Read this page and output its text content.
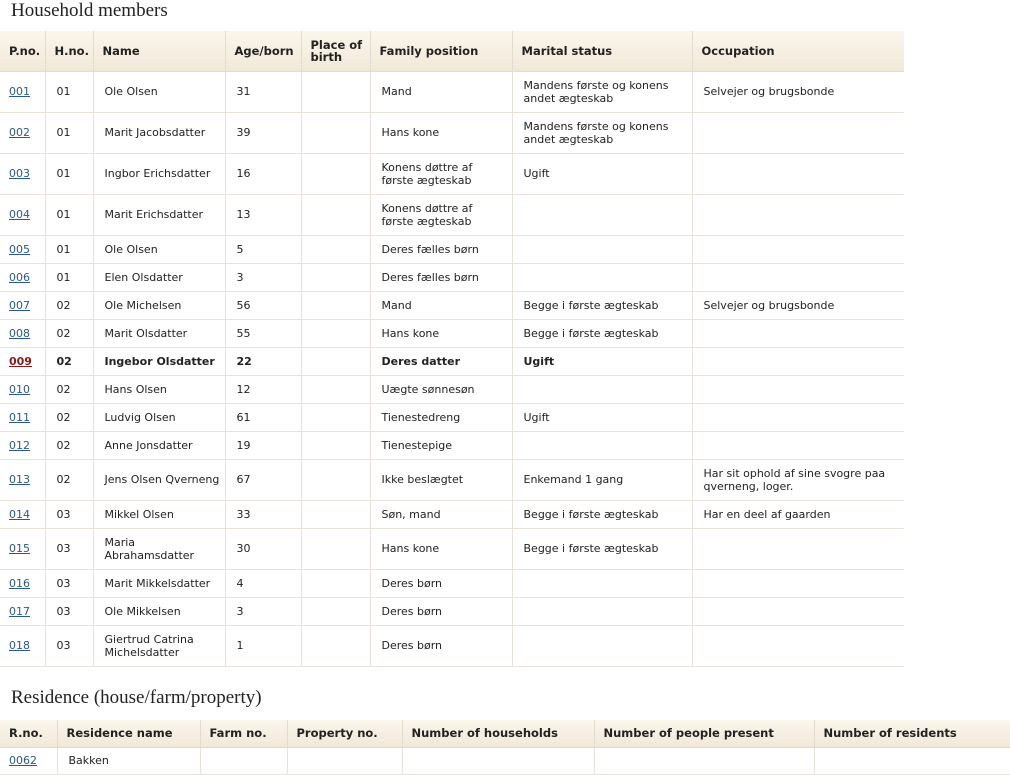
Household members
P.no.	H.no.	Name	Age/born	Place of birth	Family position	Marital status	Occupation
001	01	Ole Olsen	31		Mand	Mandens første og konens andet ægteskab	Selvejer og brugsbonde
002	01	Marit Jacobsdatter	39		Hans kone	Mandens første og konens andet ægteskab	
003	01	Ingbor Erichsdatter	16		Konens døttre af første ægteskab	Ugift	
004	01	Marit Erichsdatter	13		Konens døttre af første ægteskab		
005	01	Ole Olsen	5		Deres fælles børn		
006	01	Elen Olsdatter	3		Deres fælles børn		
007	02	Ole Michelsen	56		Mand	Begge i første ægteskab	Selvejer og brugsbonde
008	02	Marit Olsdatter	55		Hans kone	Begge i første ægteskab	
009	02	Ingebor Olsdatter	22		Deres datter	Ugift	
010	02	Hans Olsen	12		Uægte sønnesøn		
011	02	Ludvig Olsen	61		Tienestedreng	Ugift	
012	02	Anne Jonsdatter	19		Tienestepige		
013	02	Jens Olsen Qverneng	67		Ikke beslægtet	Enkemand 1 gang	Har sit ophold af sine svogre paa qverneng, loger.
014	03	Mikkel Olsen	33		Søn, mand	Begge i første ægteskab	Har en deel af gaarden
015	03	Maria Abrahamsdatter	30		Hans kone	Begge i første ægteskab	
016	03	Marit Mikkelsdatter	4		Deres børn		
017	03	Ole Mikkelsen	3		Deres børn		
018	03	Giertrud Catrina Michelsdatter	1		Deres børn		
Residence (house/farm/property)
R.no.	Residence name	Farm no.	Property no.	Number of households	Number of people present	Number of residents
0062	Bakken					
